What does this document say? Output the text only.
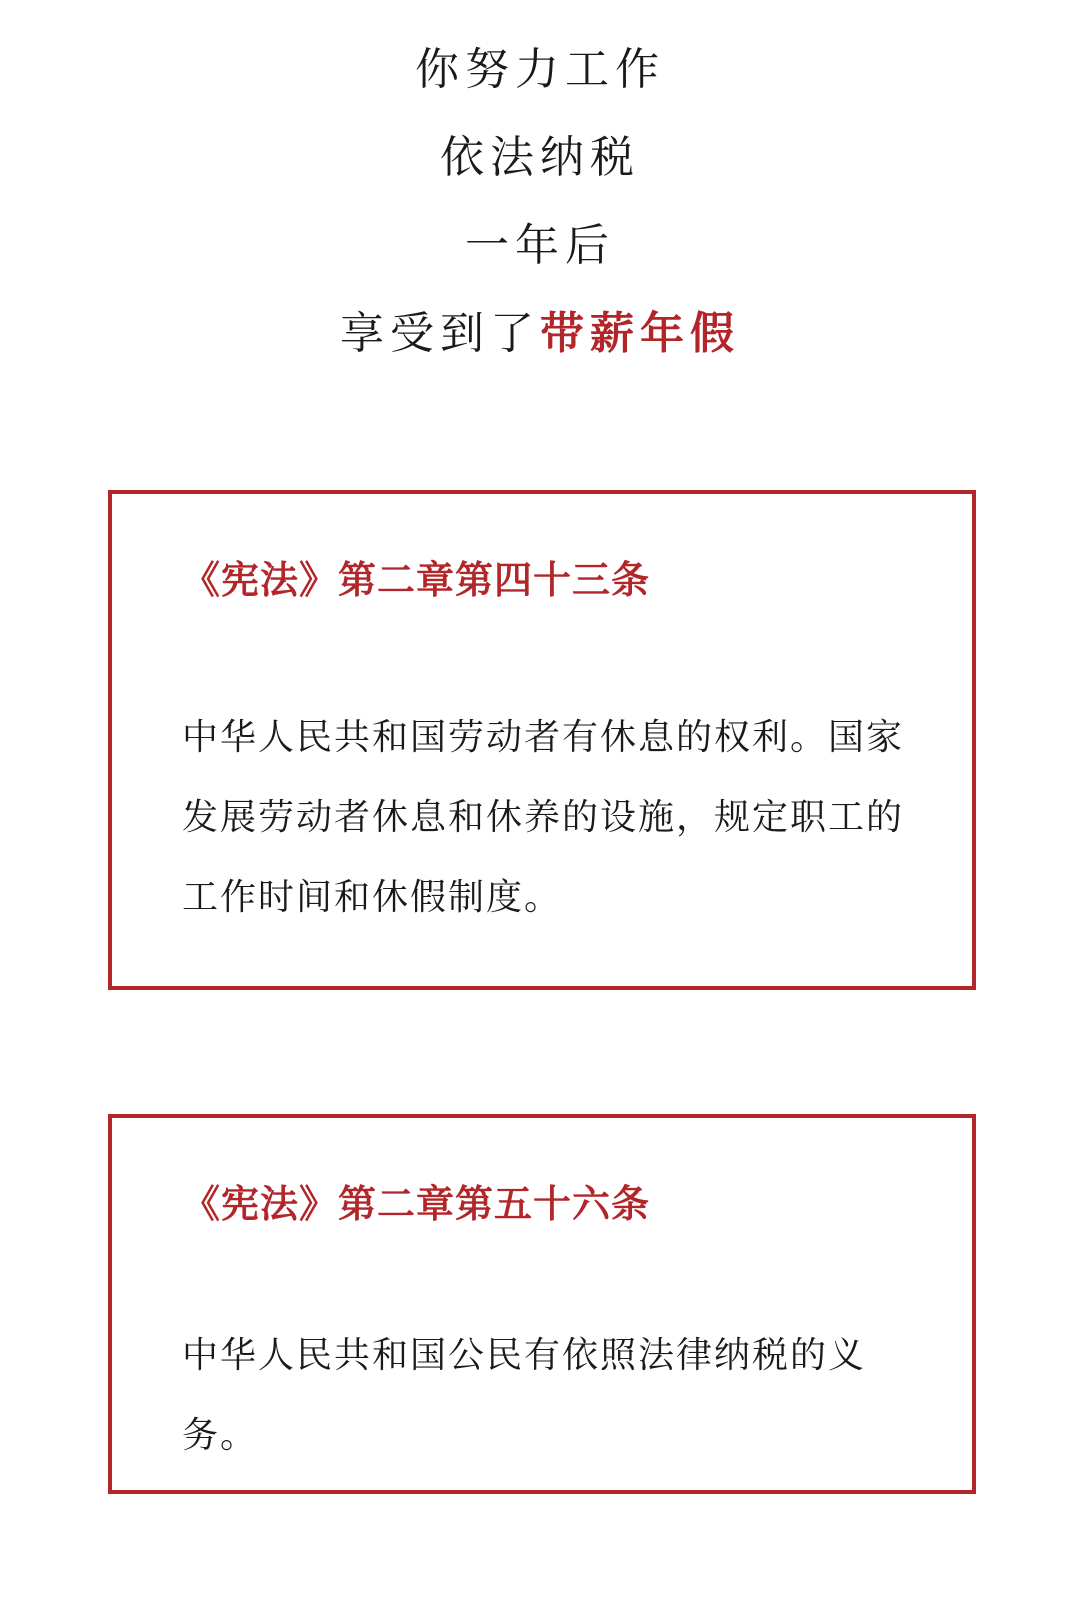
你努力工作
依法纳税
一年后
享受到了带薪年假
《宪法》第二章第四十三条
中华人民共和国劳动者有休息的权利。国家发展劳动者休息和休养的设施，规定职工的工作时间和休假制度。
《宪法》第二章第五十六条
中华人民共和国公民有依照法律纳税的义务。
